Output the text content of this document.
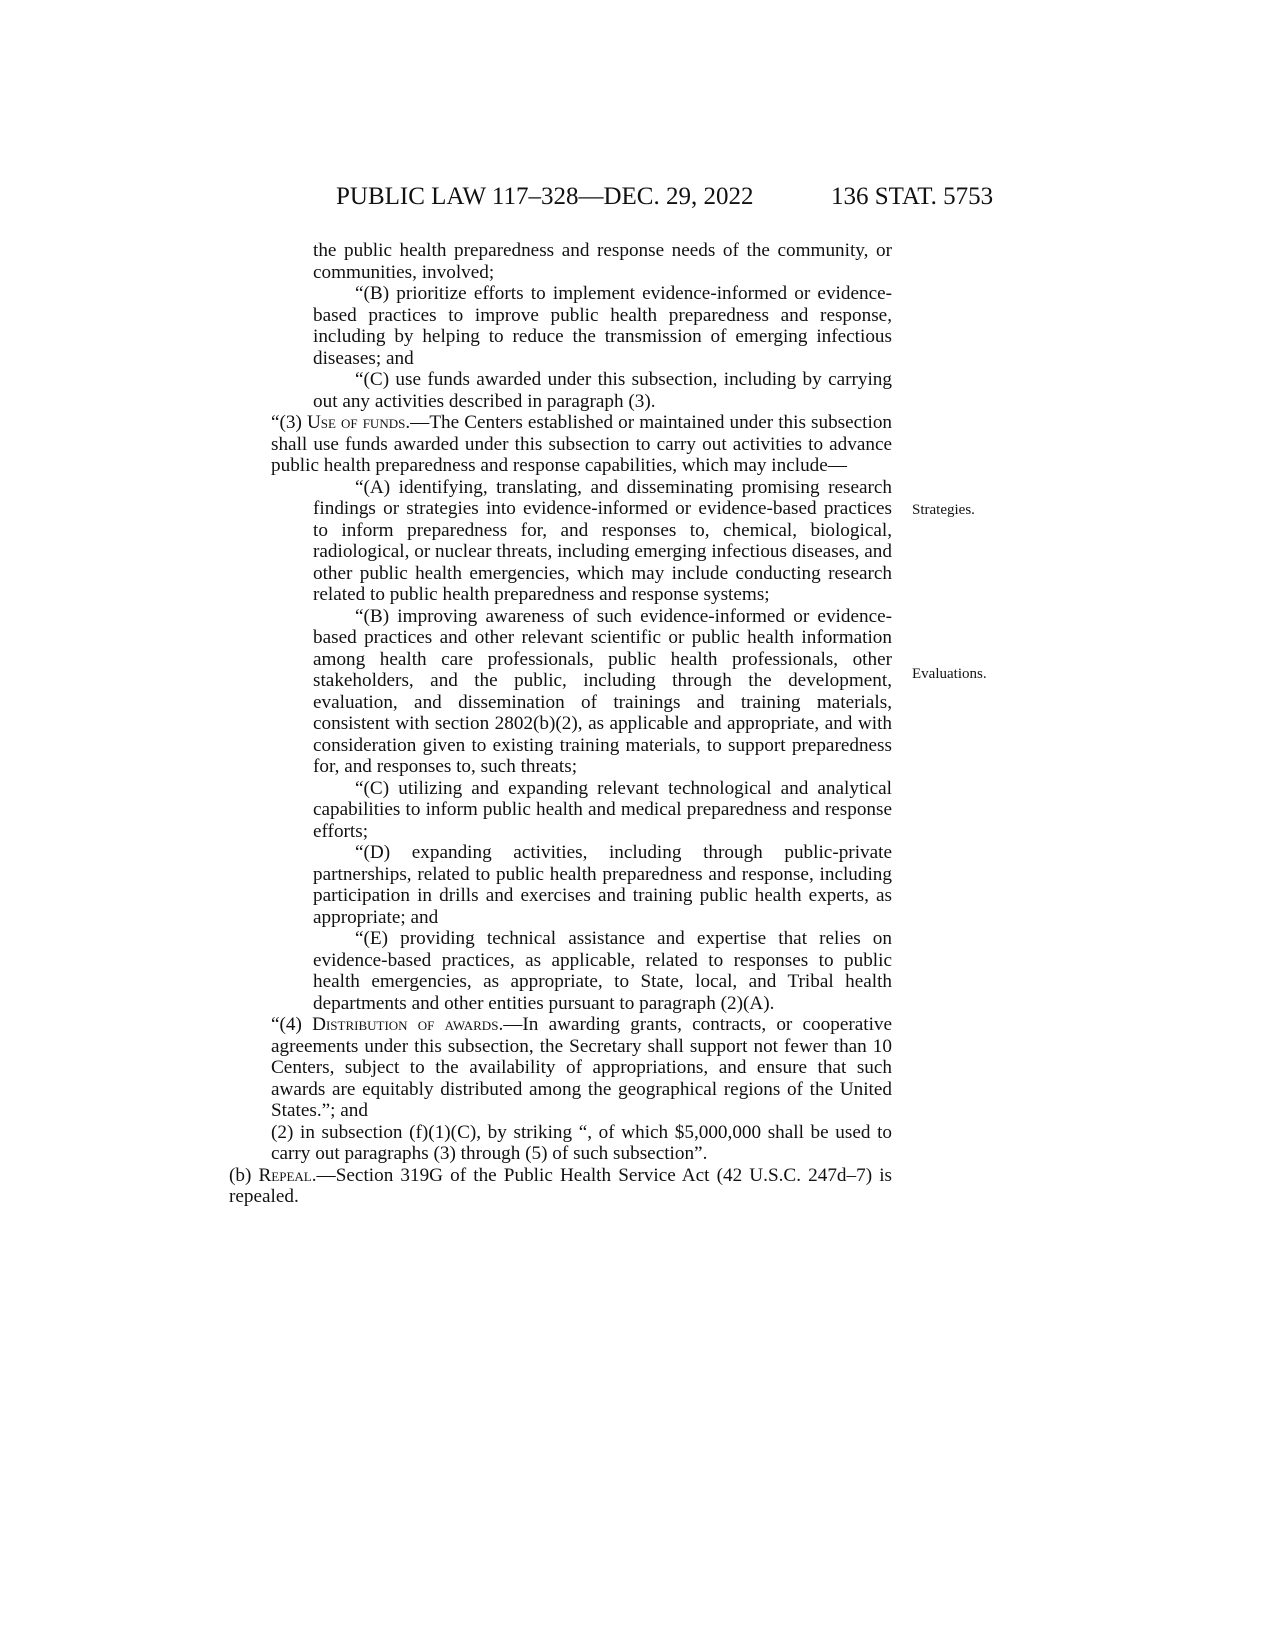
PUBLIC LAW 117–328—DEC. 29, 2022	136 STAT. 5753

the public health preparedness and response needs of the community, or communities, involved;

“(B) prioritize efforts to implement evidence-informed or evidence-based practices to improve public health preparedness and response, including by helping to reduce the transmission of emerging infectious diseases; and

“(C) use funds awarded under this subsection, including by carrying out any activities described in paragraph (3).

“(3) Use of funds.—The Centers established or maintained under this subsection shall use funds awarded under this subsection to carry out activities to advance public health preparedness and response capabilities, which may include—

“(A) identifying, translating, and disseminating promising research findings or strategies into evidence-informed or evidence-based practices to inform preparedness for, and responses to, chemical, biological, radiological, or nuclear threats, including emerging infectious diseases, and other public health emergencies, which may include conducting research related to public health preparedness and response systems;

“(B) improving awareness of such evidence-informed or evidence-based practices and other relevant scientific or public health information among health care professionals, public health professionals, other stakeholders, and the public, including through the development, evaluation, and dissemination of trainings and training materials, consistent with section 2802(b)(2), as applicable and appropriate, and with consideration given to existing training materials, to support preparedness for, and responses to, such threats;

“(C) utilizing and expanding relevant technological and analytical capabilities to inform public health and medical preparedness and response efforts;

“(D) expanding activities, including through public-private partnerships, related to public health preparedness and response, including participation in drills and exercises and training public health experts, as appropriate; and

“(E) providing technical assistance and expertise that relies on evidence-based practices, as applicable, related to responses to public health emergencies, as appropriate, to State, local, and Tribal health departments and other entities pursuant to paragraph (2)(A).

“(4) Distribution of awards.—In awarding grants, contracts, or cooperative agreements under this subsection, the Secretary shall support not fewer than 10 Centers, subject to the availability of appropriations, and ensure that such awards are equitably distributed among the geographical regions of the United States.”; and

(2) in subsection (f)(1)(C), by striking “, of which $5,000,000 shall be used to carry out paragraphs (3) through (5) of such subsection”.

(b) Repeal.—Section 319G of the Public Health Service Act (42 U.S.C. 247d–7) is repealed.

Strategies.
Evaluations.
